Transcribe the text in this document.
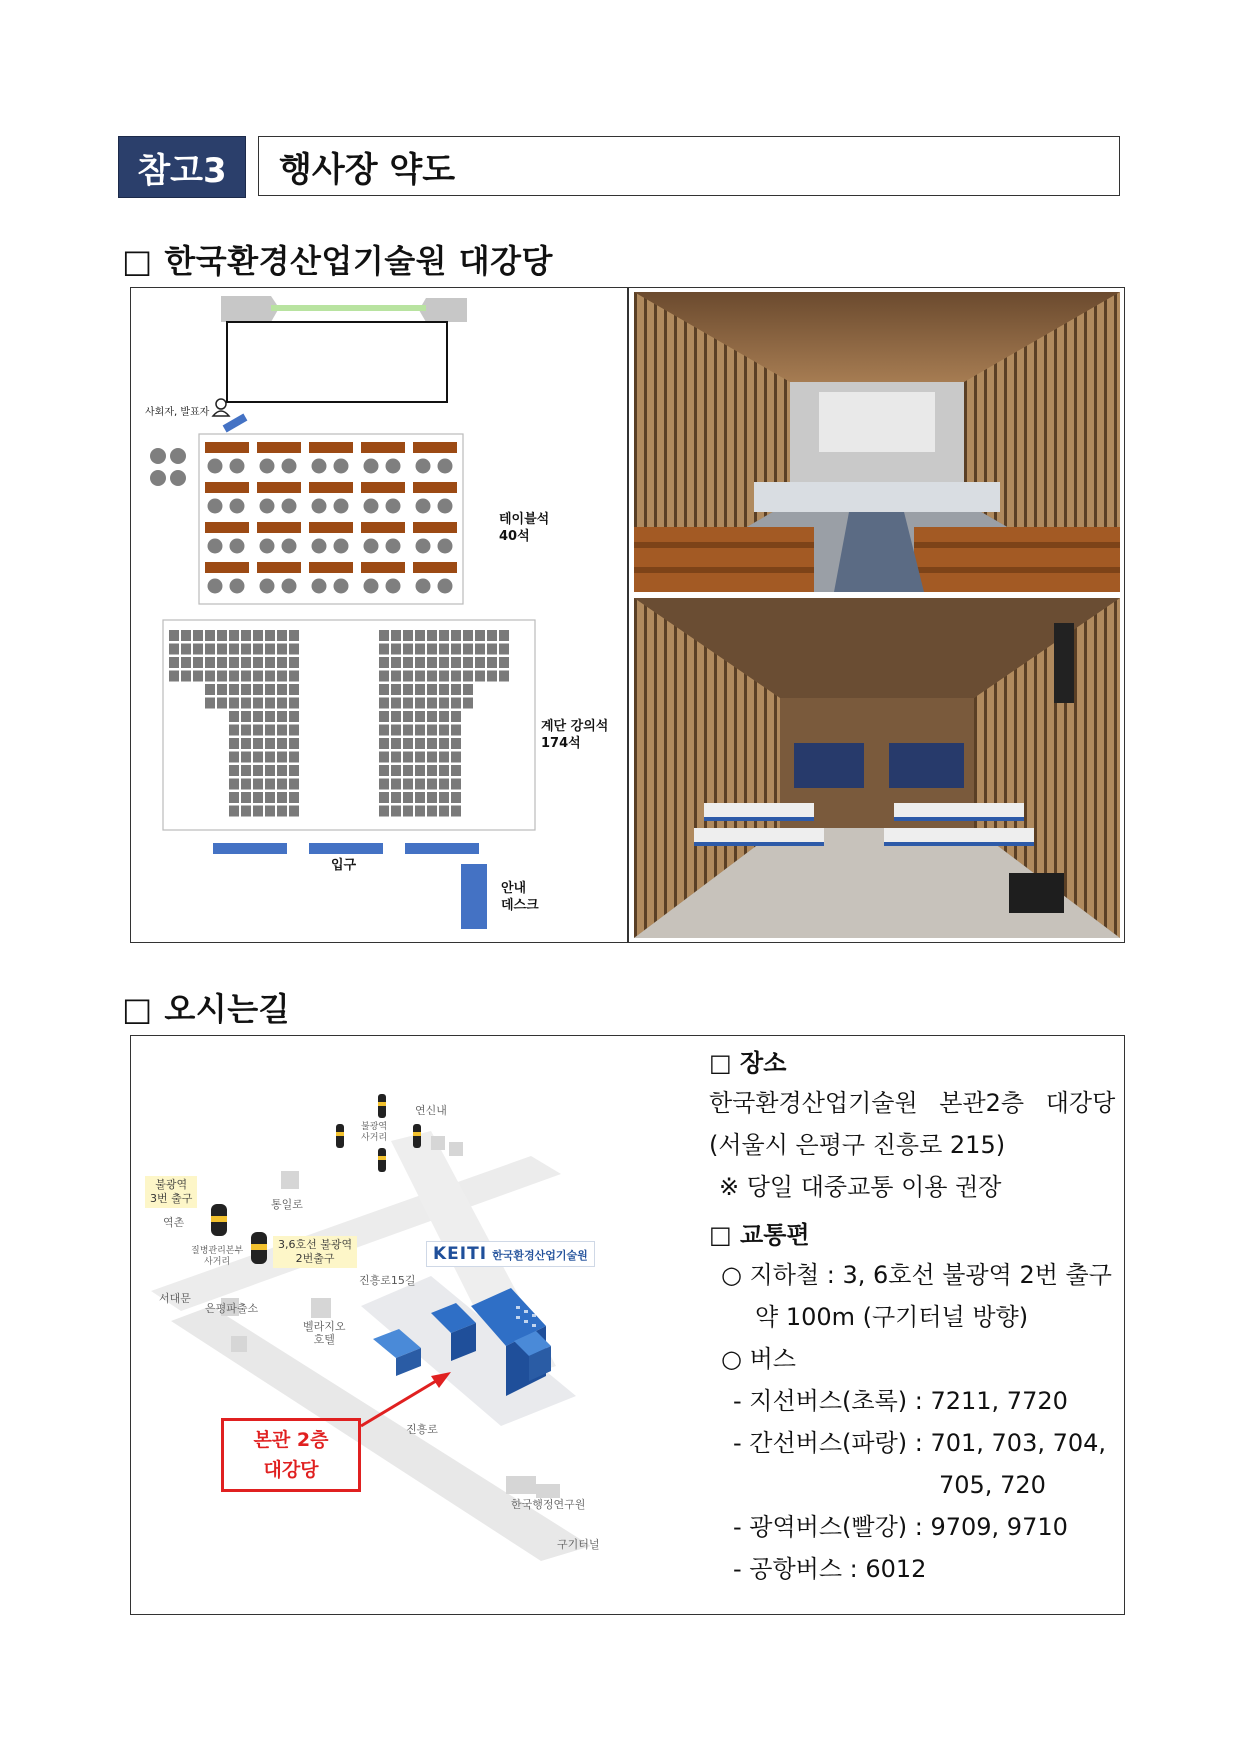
참고3	행사장 약도
□ 한국환경산업기술원 대강당
사회자, 발표자
테이블석
40석
계단 강의석
174석
입구
안내
데스크
□ 오시는길
연신내
불광역
사거리
불광역
3번 출구
역촌
통일로
3,6호선 불광역
2번출구
질병관리본부
사거리
진흥로15길
서대문
은평파출소
벨라지오
호텔
진흥로
한국행정연구원
구기터널
KEITI 한국환경산업기술원
본관 2층
대강당
□ 장소
한국환경산업기술원 본관2층 대강당
(서울시 은평구 진흥로 215)
※ 당일 대중교통 이용 권장
□ 교통편
○ 지하철 : 3, 6호선 불광역 2번 출구
약 100m (구기터널 방향)
○ 버스
- 지선버스(초록) : 7211, 7720
- 간선버스(파랑) : 701, 703, 704,
705, 720
- 광역버스(빨강) : 9709, 9710
- 공항버스 : 6012
